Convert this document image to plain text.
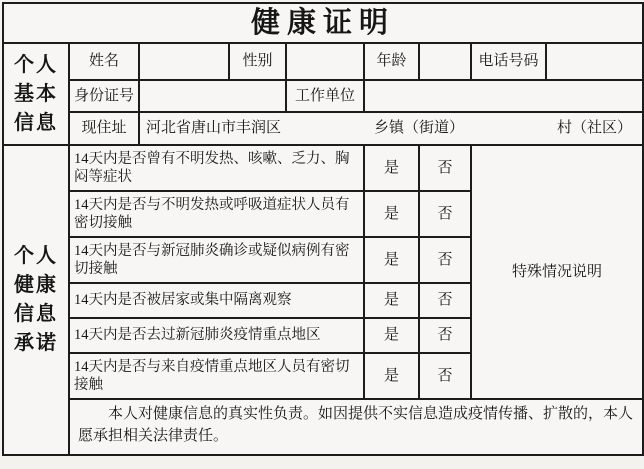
健康证明								

个人
基本
信息	姓名		性别		年龄		电话号码	
	身份证号			工作单位				
	现住址	河北省唐山市丰润区 乡镇（街道） 村（社区）						

个人
健康
信息
承诺	14天内是否曾有不明发热、咳嗽、乏力、胸闷等症状				是	否	特殊情况说明	
	14天内是否与不明发热或呼吸道症状人员有密切接触				是	否		
	14天内是否与新冠肺炎确诊或疑似病例有密切接触				是	否		
	14天内是否被居家或集中隔离观察				是	否		
	14天内是否去过新冠肺炎疫情重点地区				是	否		
	14天内是否与来自疫情重点地区人员有密切接触				是	否		

	本人对健康信息的真实性负责。如因提供不实信息造成疫情传播、扩散的，本人愿承担相关法律责任。							
